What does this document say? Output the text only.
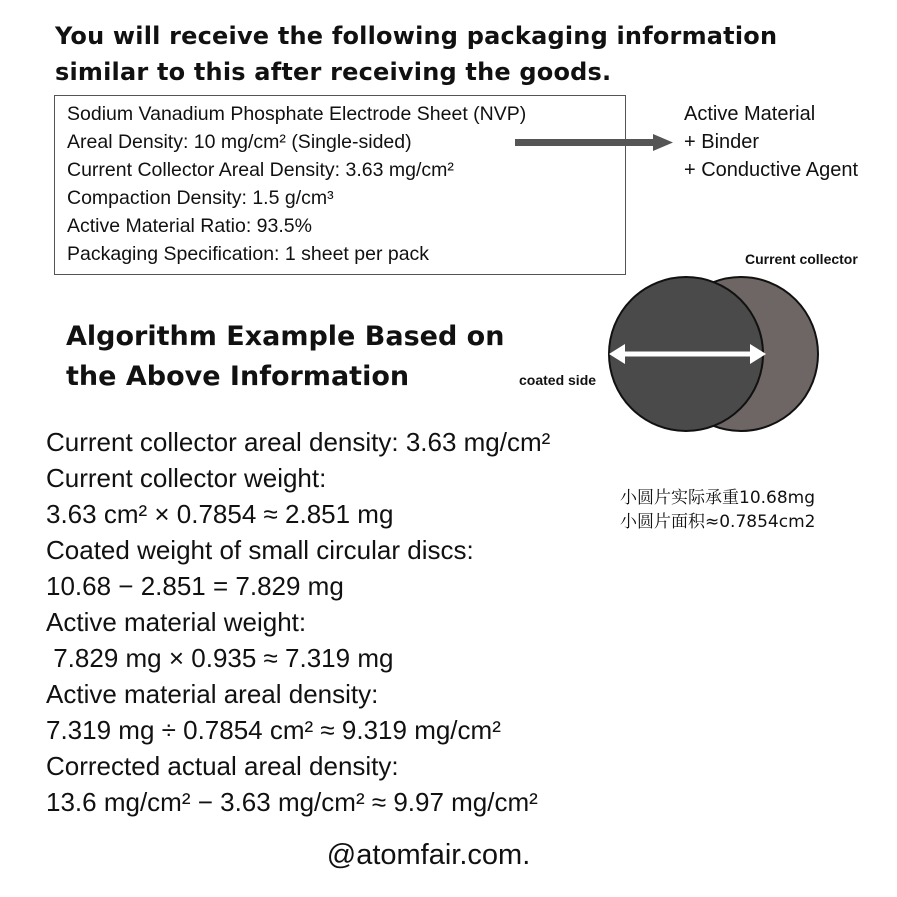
You will receive the following packaging information
similar to this after receiving the goods.
Sodium Vanadium Phosphate Electrode Sheet (NVP)
Areal Density: 10 mg/cm² (Single-sided)
Current Collector Areal Density: 3.63 mg/cm²
Compaction Density: 1.5 g/cm³
Active Material Ratio: 93.5%
Packaging Specification: 1 sheet per pack
Active Material
+ Binder
+ Conductive Agent
Algorithm Example Based on
the Above Information
Current collector
coated side
小圆片实际承重10.68mg
小圆片面积≈0.7854cm2
Current collector areal density: 3.63 mg/cm²
Current collector weight:
3.63 cm² × 0.7854 ≈ 2.851 mg
Coated weight of small circular discs:
10.68 − 2.851 = 7.829 mg
Active material weight:
7.829 mg × 0.935 ≈ 7.319 mg
Active material areal density:
7.319 mg ÷ 0.7854 cm² ≈ 9.319 mg/cm²
Corrected actual areal density:
13.6 mg/cm² − 3.63 mg/cm² ≈ 9.97 mg/cm²
@atomfair.com.
